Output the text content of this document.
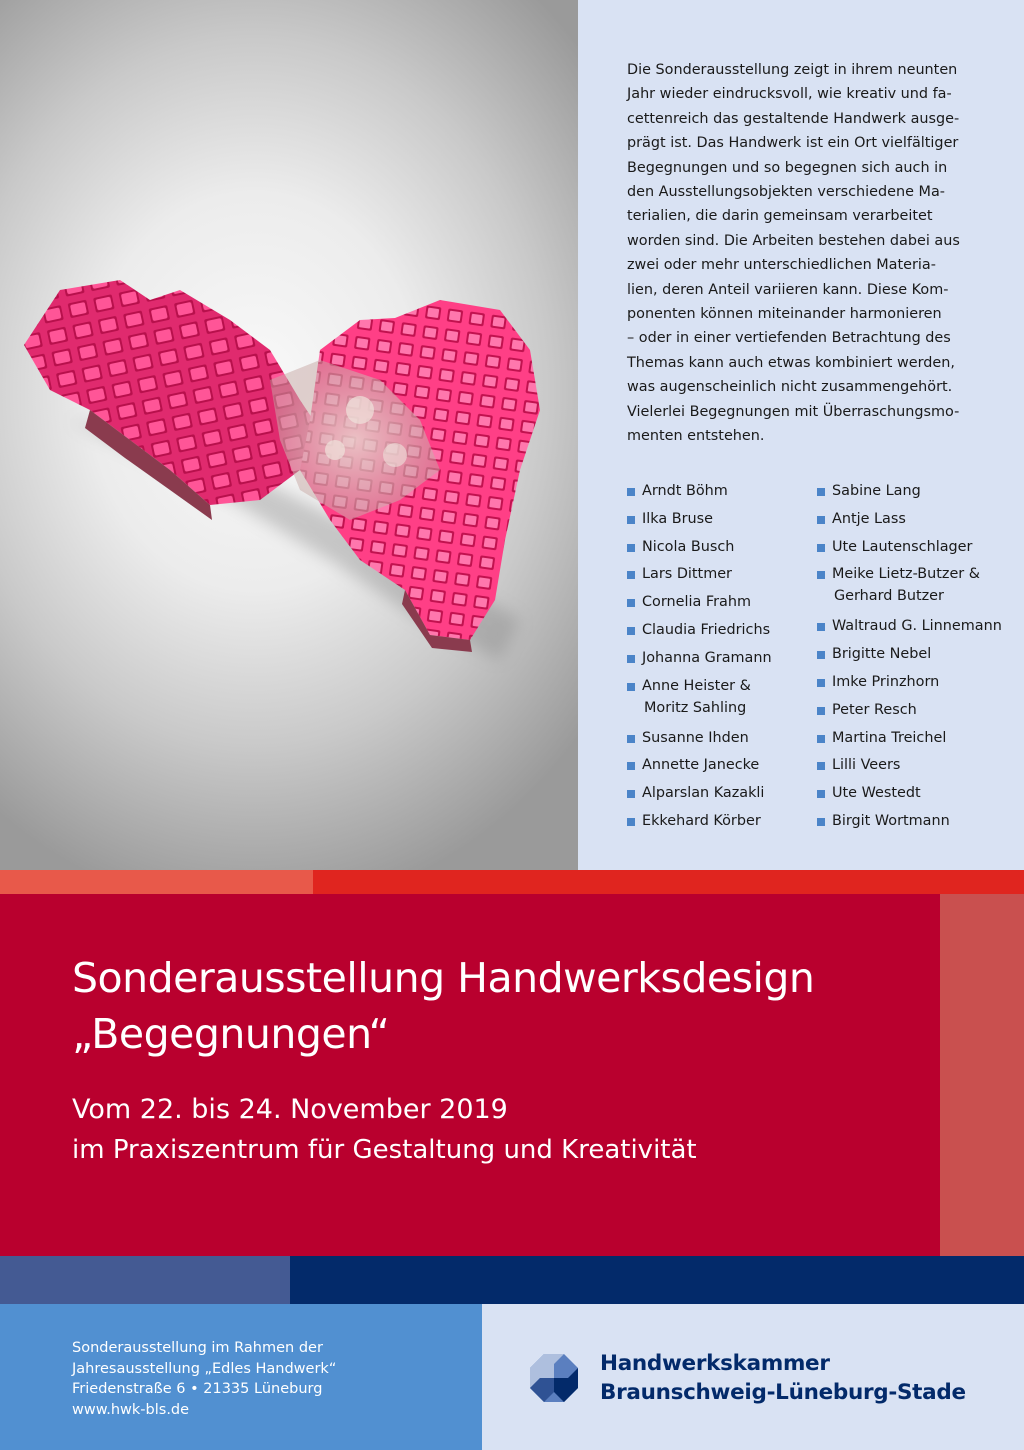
Die Sonderausstellung zeigt in ihrem neunten
Jahr wieder eindrucksvoll, wie kreativ und fa-
cettenreich das gestaltende Handwerk ausge-
prägt ist. Das Handwerk ist ein Ort vielfältiger
Begegnungen und so begegnen sich auch in
den Ausstellungsobjekten verschiedene Ma-
terialien, die darin gemeinsam verarbeitet
worden sind. Die Arbeiten bestehen dabei aus
zwei oder mehr unterschiedlichen Materia-
lien, deren Anteil variieren kann. Diese Kom-
ponenten können miteinander harmonieren
– oder in einer vertiefenden Betrachtung des
Themas kann auch etwas kombiniert werden,
was augenscheinlich nicht zusammengehört.
Vielerlei Begegnungen mit Überraschungsmo-
menten entstehen.
Arndt Böhm
Ilka Bruse
Nicola Busch
Lars Dittmer
Cornelia Frahm
Claudia Friedrichs
Johanna Gramann
Anne Heister &
Moritz Sahling
Susanne Ihden
Annette Janecke
Alparslan Kazakli
Ekkehard Körber
Sabine Lang
Antje Lass
Ute Lautenschlager
Meike Lietz-Butzer &
Gerhard Butzer
Waltraud G. Linnemann
Brigitte Nebel
Imke Prinzhorn
Peter Resch
Martina Treichel
Lilli Veers
Ute Westedt
Birgit Wortmann
Sonderausstellung Handwerksdesign
„Begegnungen“
Vom 22. bis 24. November 2019
im Praxiszentrum für Gestaltung und Kreativität
Sonderausstellung im Rahmen der
Jahresausstellung „Edles Handwerk“
Friedenstraße 6 • 21335 Lüneburg
www.hwk-bls.de
Handwerkskammer
Braunschweig-Lüneburg-Stade
